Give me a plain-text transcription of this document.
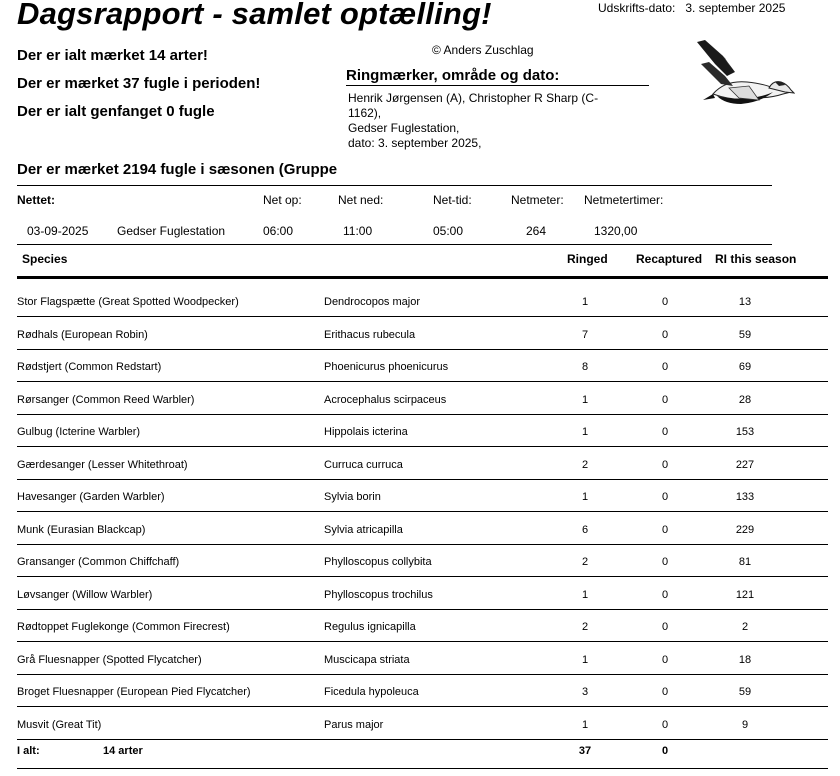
Dagsrapport - samlet optælling!	Udskrifts-dato: 3. september 2025
Der er ialt mærket 14 arter!
Der er mærket 37 fugle i perioden!
Der er ialt genfanget 0 fugle
© Anders Zuschlag
Ringmærker, område og dato:
Henrik Jørgensen (A), Christopher R Sharp (C-1162),
Gedser Fuglestation,
dato: 3. september 2025,
Der er mærket 2194 fugle i sæsonen (Gruppe
Nettet:	Net op:	Net ned:	Net-tid:	Netmeter: Netmetertimer:
03-09-2025 Gedser Fuglestation	06:00	11:00	05:00	264	1320,00
Species	Ringed Recaptured RI this season
Stor Flagspætte (Great Spotted Woodpecker)	Dendrocopos major	1	0	13
Rødhals (European Robin)	Erithacus rubecula	7	0	59
Rødstjert (Common Redstart)	Phoenicurus phoenicurus	8	0	69
Rørsanger (Common Reed Warbler)	Acrocephalus scirpaceus	1	0	28
Gulbug (Icterine Warbler)	Hippolais icterina	1	0	153
Gærdesanger (Lesser Whitethroat)	Curruca curruca	2	0	227
Havesanger (Garden Warbler)	Sylvia borin	1	0	133
Munk (Eurasian Blackcap)	Sylvia atricapilla	6	0	229
Gransanger (Common Chiffchaff)	Phylloscopus collybita	2	0	81
Løvsanger (Willow Warbler)	Phylloscopus trochilus	1	0	121
Rødtoppet Fuglekonge (Common Firecrest)	Regulus ignicapilla	2	0	2
Grå Fluesnapper (Spotted Flycatcher)	Muscicapa striata	1	0	18
Broget Fluesnapper (European Pied Flycatcher)	Ficedula hypoleuca	3	0	59
Musvit (Great Tit)	Parus major	1	0	9
I alt:	14 arter	37	0
